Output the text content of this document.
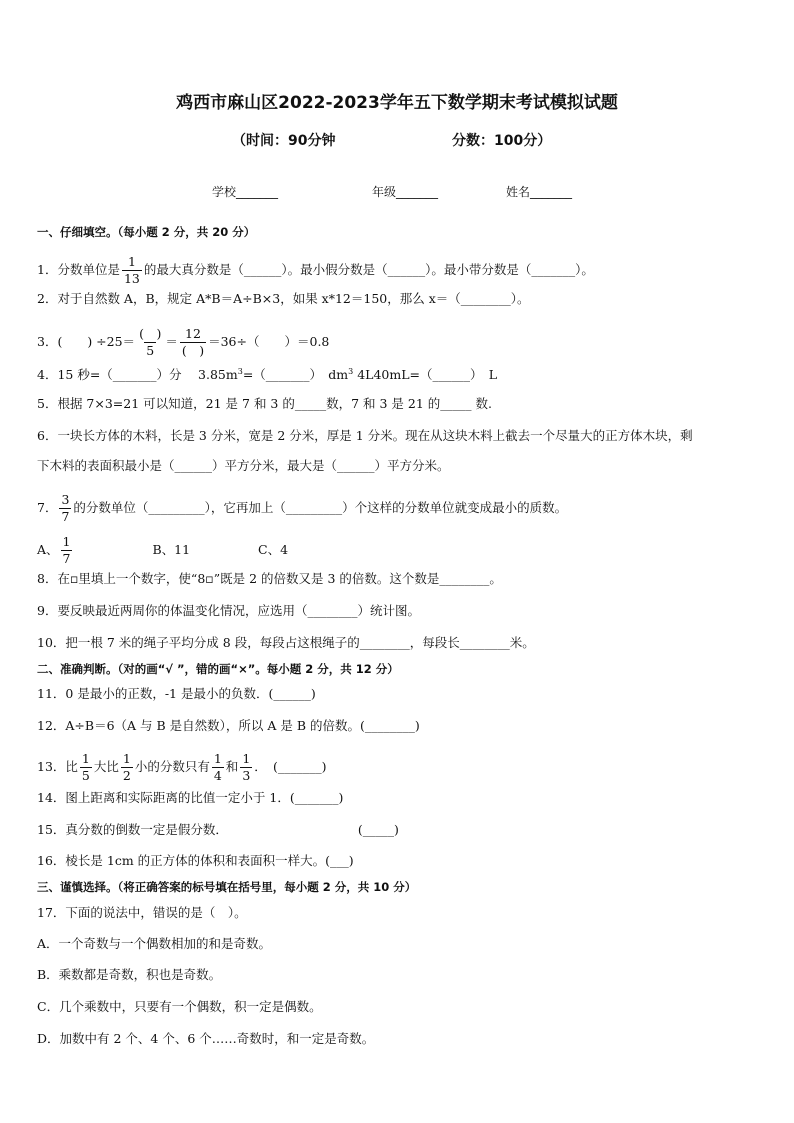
鸡西市麻山区2022-2023学年五下数学期末考试模拟试题
（时间：90分钟	分数：100分）
学校_______	年级_______	姓名_______
一、仔细填空。（每小题 2 分，共 20 分）
1．分数单位是 $\frac{1}{13}$ 的最大真分数是（______）。最小假分数是（______）。最小带分数是（_______）。
2．对于自然数 A，B，规定 A*B＝A÷B×3，如果 x*12＝150，那么 x＝（________）。
3．(　　) $\div 25= \frac{( )}{5} = \frac{12}{( )} =36\div$（　　）＝0.8
4．15 秒=（_______）分　 $3.85m^3=(\_\_\_\_\_\_\_)$　$dm^3$ 4L40mL=（______）　L
5．根据 7×3=21 可以知道，21 是 7 和 3 的_____数，7 和 3 是 21 的_____ 数.
6．一块长方体的木料，长是 3 分米，宽是 2 分米，厚是 1 分米。现在从这块木料上截去一个尽量大的正方体木块，剩
下木料的表面积最小是（______）平方分米，最大是（______）平方分米。
7． $\frac{3}{7}$ 的分数单位（_________），它再加上（_________）个这样的分数单位就变成最小的质数。
A、 $\frac{1}{7}$	B、11	C、4
8．在▫里填上一个数字，使“8▫”既是 2 的倍数又是 3 的倍数。这个数是________。
9．要反映最近两周你的体温变化情况，应选用（________）统计图。
10．把一根 7 米的绳子平均分成 8 段，每段占这根绳子的________，每段长________米。
二、准确判断。（对的画“√ ”，错的画“×”。每小题 2 分，共 12 分）
11．0 是最小的正数，-1 是最小的负数．(______)
12．A÷B＝6（A 与 B 是自然数），所以 A 是 B 的倍数。(________)
13．比 $\frac{1}{5}$ 大比 $\frac{1}{2}$ 小的分数只有 $\frac{1}{4}$ 和 $\frac{1}{3}$ ．　(_______)
14．图上距离和实际距离的比值一定小于 1．(_______)
15．真分数的倒数一定是假分数．	(_____)
16．棱长是 1cm 的正方体的体积和表面积一样大。(___)
三、谨慎选择。（将正确答案的标号填在括号里，每小题 2 分，共 10 分）
17．下面的说法中，错误的是（　）。
A．一个奇数与一个偶数相加的和是奇数。
B．乘数都是奇数，积也是奇数。
C．几个乘数中，只要有一个偶数，积一定是偶数。
D．加数中有 2 个、4 个、6 个……奇数时，和一定是奇数。
